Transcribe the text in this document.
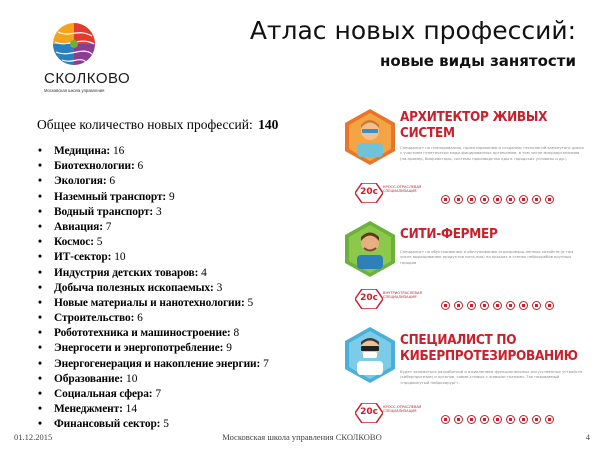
СКОЛКОВО
Московская школа управления
Атлас новых профессий:
новые виды занятости
Общее количество новых профессий: 140
• Медицина: 16
• Биотехнологии: 6
• Экология: 6
• Наземный транспорт: 9
• Водный транспорт: 3
• Авиация: 7
• Космос: 5
• ИТ-сектор: 10
• Индустрия детских товаров: 4
• Добыча полезных ископаемых: 3
• Новые материалы и нанотехнологии: 5
• Строительство: 6
• Робототехника и машиностроение: 8
• Энергосети и энергопотребление: 9
• Энергогенерация и накопление энергии: 7
• Образование: 10
• Социальная сфера: 7
• Менеджмент: 14
• Финансовый сектор: 5
АРХИТЕКТОР ЖИВЫХ
СИСТЕМ
Специалист по планированию, проектированию и созданию технологий замкнутого цикла с участием генетически моди-фицированных организмов, в том числе микроорганизмов (на-пример, биореакторы, системы производства еды в городских условиях и др.)
20с	КРОСС-ОТРАСЛЕВАЯ СПЕЦИАЛИЗАЦИЯ
СИТИ-ФЕРМЕР
Специалист по обустраиванию и обслуживанию агропромыш-ленных хозяйств (в том числе выращиванию продуктов пита-ния) на крышах и стенах небоскрёбов крупных городов
20с	ВНУТРИОТРАСЛЕВАЯ СПЕЦИАЛИЗАЦИЯ
СПЕЦИАЛИСТ ПО
КИБЕРПРОТЕЗИРОВАНИЮ
Будет заниматься разработкой и вживлением функциональных искусственных устройств (киберпротезов) и органов, совме-стимых с живыми тканями. Так называемый «продвинутый нейрохирург».
20с	КРОСС-ОТРАСЛЕВАЯ СПЕЦИАЛИЗАЦИЯ
01.12.2015	Московская школа управления СКОЛКОВО	4
